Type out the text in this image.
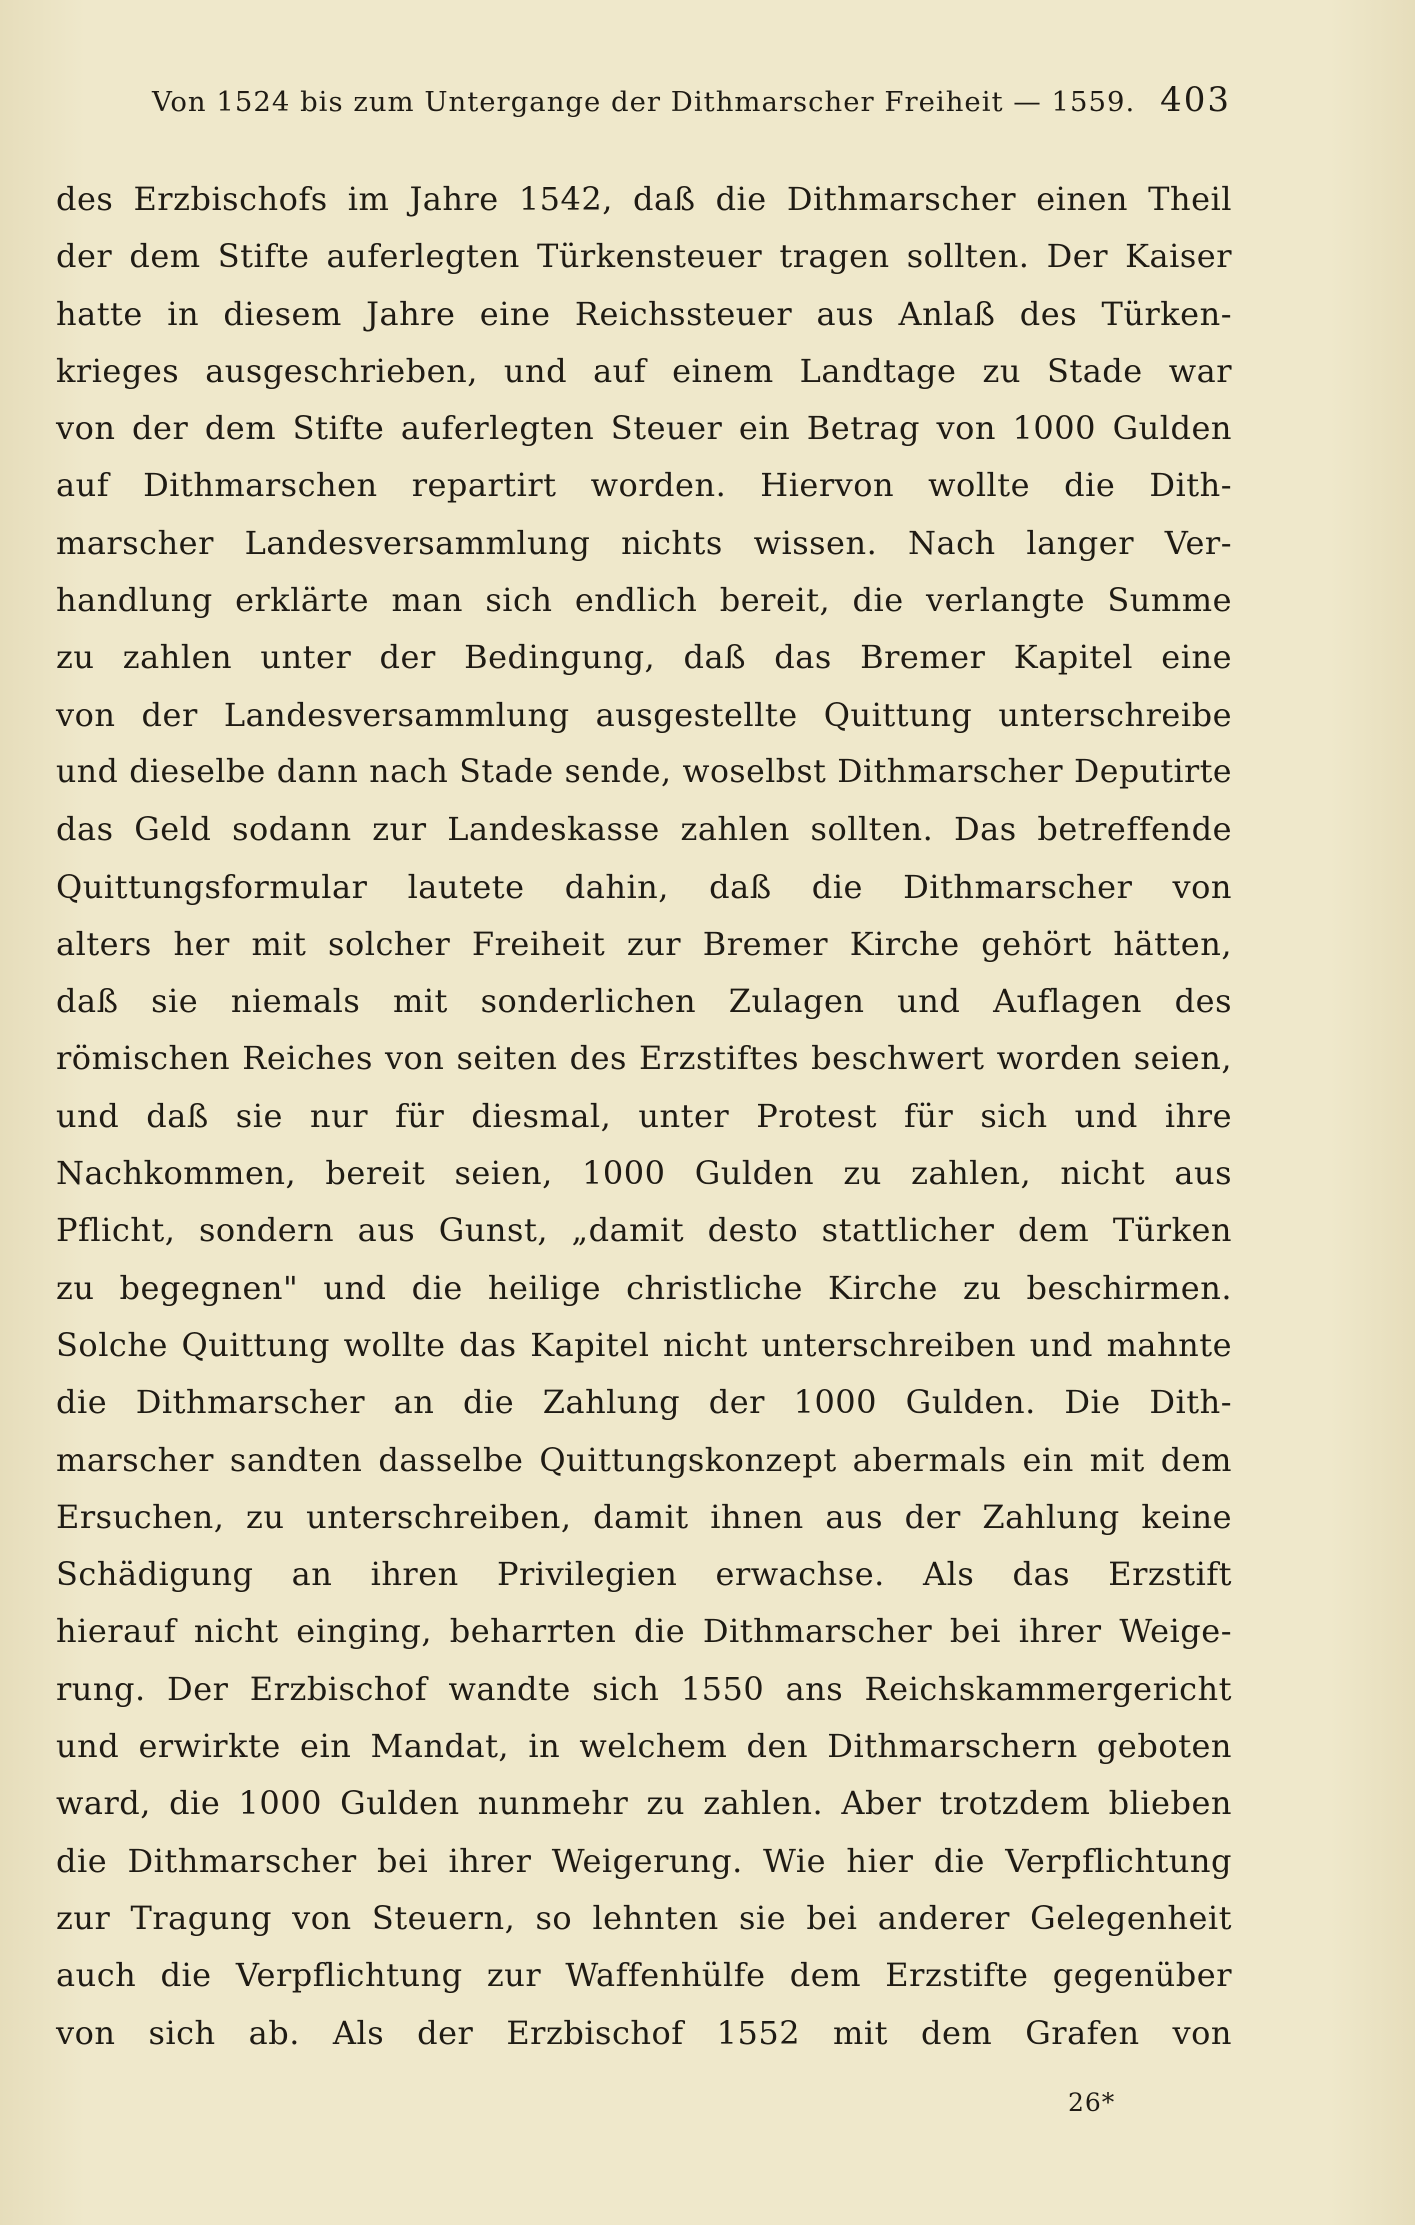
Von 1524 bis zum Untergange der Dithmarscher Freiheit — 1559. 403
des Erzbischofs im Jahre 1542, daß die Dithmarscher einen Theil
der dem Stifte auferlegten Türkensteuer tragen sollten. Der Kaiser
hatte in diesem Jahre eine Reichssteuer aus Anlaß des Türken-
krieges ausgeschrieben, und auf einem Landtage zu Stade war
von der dem Stifte auferlegten Steuer ein Betrag von 1000 Gulden
auf Dithmarschen repartirt worden. Hiervon wollte die Dith-
marscher Landesversammlung nichts wissen. Nach langer Ver-
handlung erklärte man sich endlich bereit, die verlangte Summe
zu zahlen unter der Bedingung, daß das Bremer Kapitel eine
von der Landesversammlung ausgestellte Quittung unterschreibe
und dieselbe dann nach Stade sende, woselbst Dithmarscher Deputirte
das Geld sodann zur Landeskasse zahlen sollten. Das betreffende
Quittungsformular lautete dahin, daß die Dithmarscher von
alters her mit solcher Freiheit zur Bremer Kirche gehört hätten,
daß sie niemals mit sonderlichen Zulagen und Auflagen des
römischen Reiches von seiten des Erzstiftes beschwert worden seien,
und daß sie nur für diesmal, unter Protest für sich und ihre
Nachkommen, bereit seien, 1000 Gulden zu zahlen, nicht aus
Pflicht, sondern aus Gunst, „damit desto stattlicher dem Türken
zu begegnen" und die heilige christliche Kirche zu beschirmen.
Solche Quittung wollte das Kapitel nicht unterschreiben und mahnte
die Dithmarscher an die Zahlung der 1000 Gulden. Die Dith-
marscher sandten dasselbe Quittungskonzept abermals ein mit dem
Ersuchen, zu unterschreiben, damit ihnen aus der Zahlung keine
Schädigung an ihren Privilegien erwachse. Als das Erzstift
hierauf nicht einging, beharrten die Dithmarscher bei ihrer Weige-
rung. Der Erzbischof wandte sich 1550 ans Reichskammergericht
und erwirkte ein Mandat, in welchem den Dithmarschern geboten
ward, die 1000 Gulden nunmehr zu zahlen. Aber trotzdem blieben
die Dithmarscher bei ihrer Weigerung. Wie hier die Verpflichtung
zur Tragung von Steuern, so lehnten sie bei anderer Gelegenheit
auch die Verpflichtung zur Waffenhülfe dem Erzstifte gegenüber
von sich ab. Als der Erzbischof 1552 mit dem Grafen von
26*
